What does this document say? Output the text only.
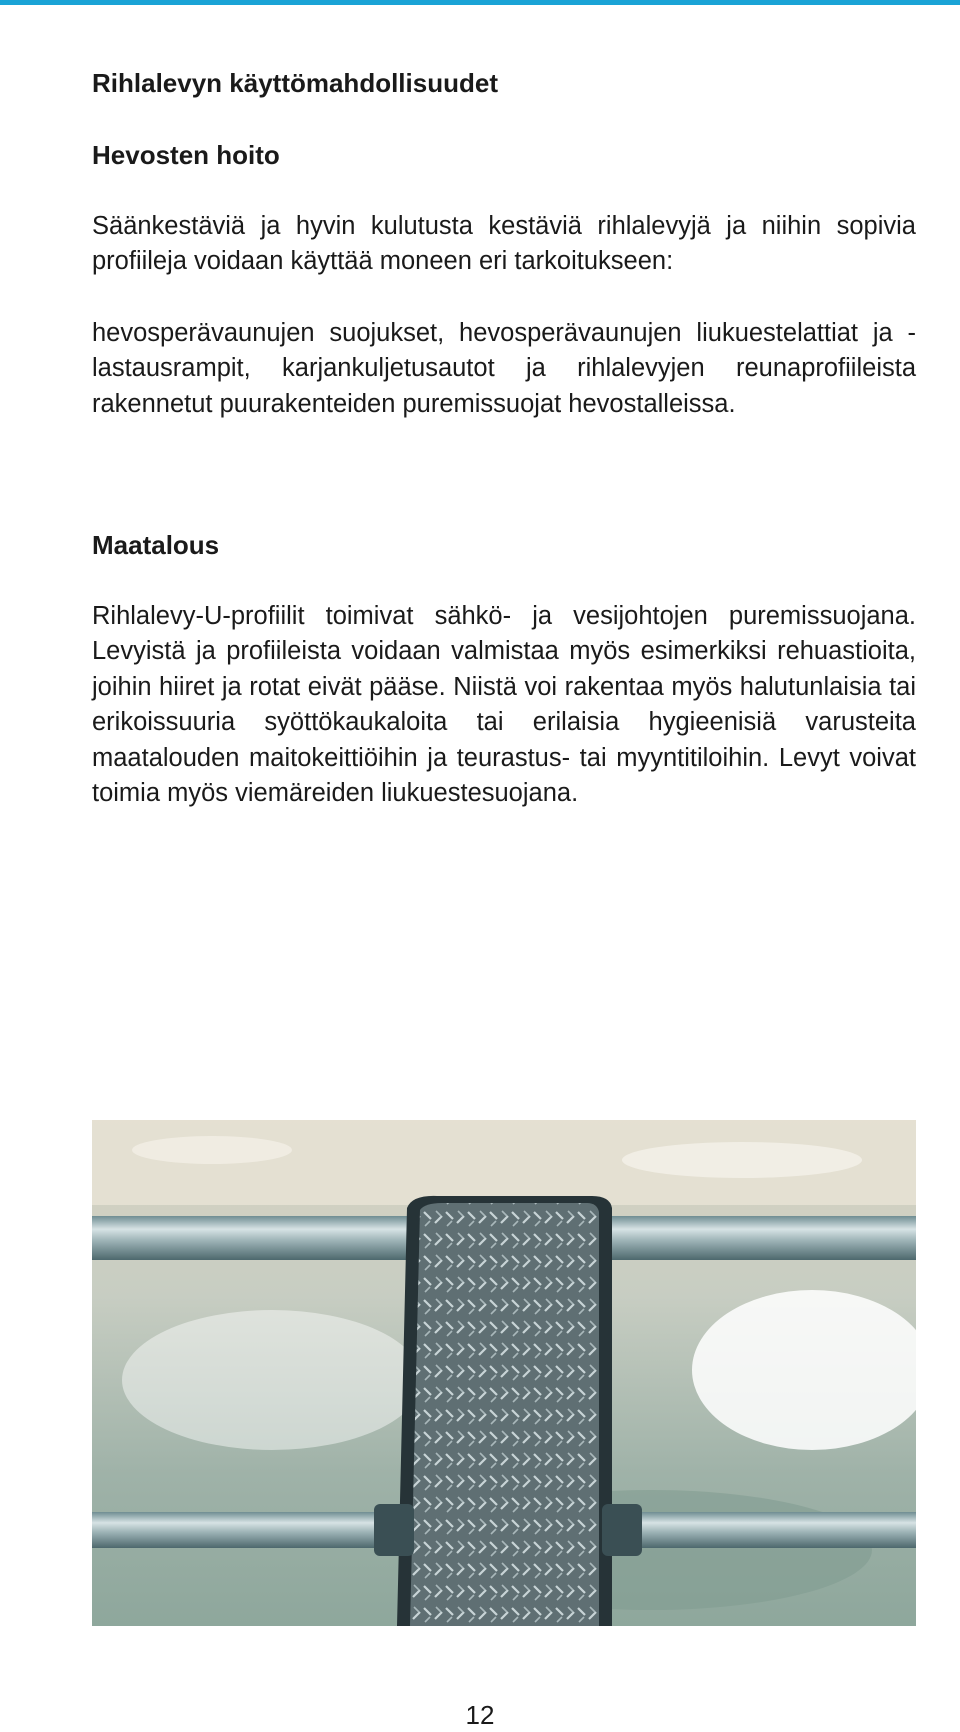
Rihlalevyn käyttömahdollisuudet
Hevosten hoito

Säänkestäviä ja hyvin kulutusta kestäviä rihlalevyjä ja niihin sopivia profiileja voidaan käyttää moneen eri tarkoitukseen:

hevosperävaunujen suojukset, hevosperävaunujen liukuestelattiat ja -lastausrampit, karjankuljetusautot ja rihlalevyjen reunaprofiileista rakennetut puurakenteiden puremissuojat hevostalleissa.

Maatalous

Rihlalevy-U-profiilit toimivat sähkö- ja vesijohtojen puremissuojana. Levyistä ja profiileista voidaan valmistaa myös esimerkiksi rehuastioita, joihin hiiret ja rotat eivät pääse. Niistä voi rakentaa myös halutunlaisia tai erikoissuuria syöttökaukaloita tai erilaisia hygieenisiä varusteita maatalouden maitokeittiöihin ja teurastus- tai myyntitiloihin. Levyt voivat toimia myös viemäreiden liukuestesuojana.

12
